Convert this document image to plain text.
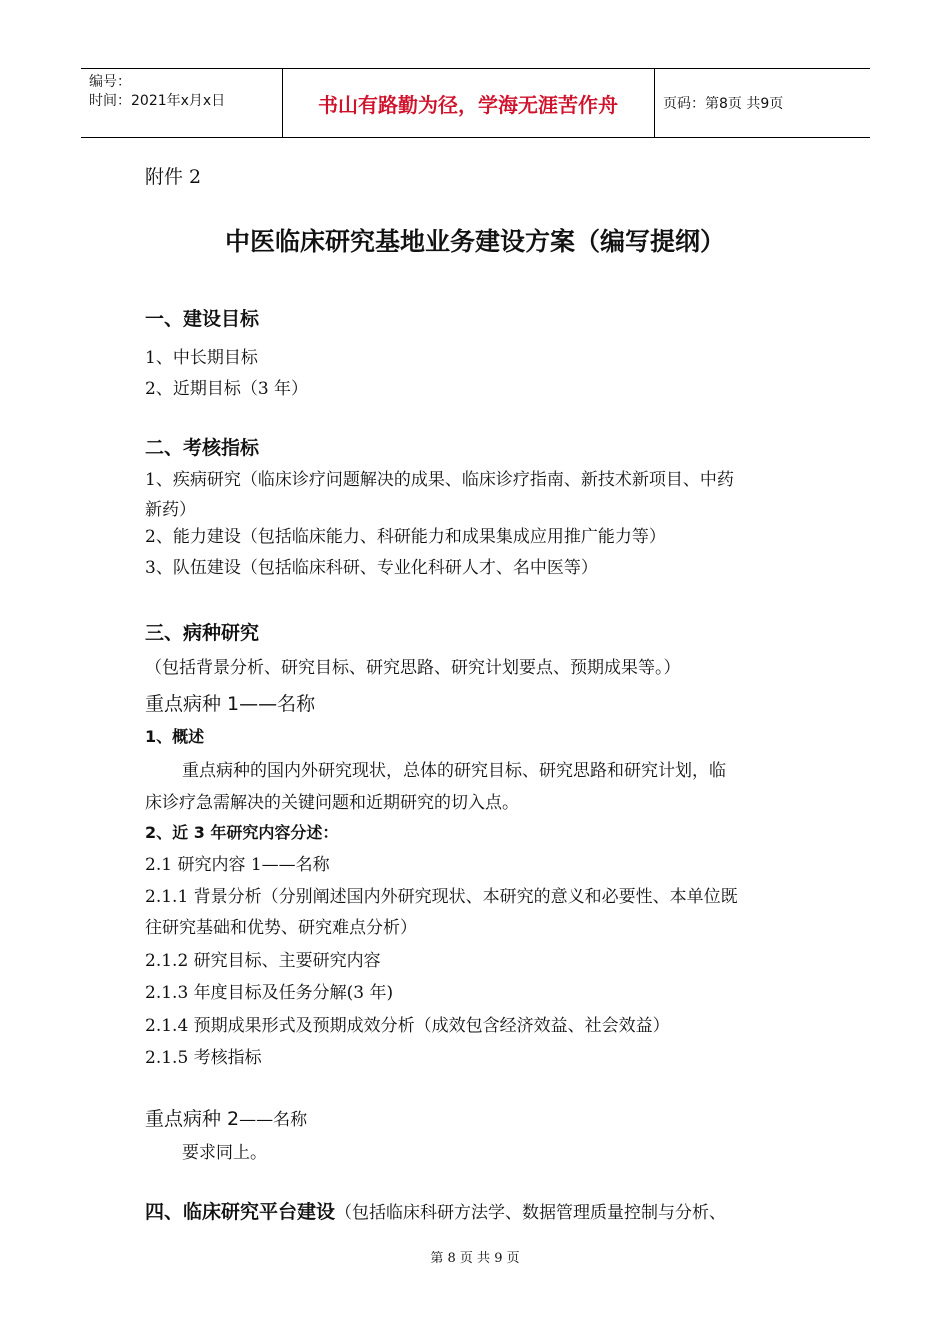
编号：
时间：2021年x月x日	书山有路勤为径，学海无涯苦作舟	页码：第8页 共9页
附件 2
中医临床研究基地业务建设方案（编写提纲）
一、建设目标
1、中长期目标
2、近期目标（3 年）
二、考核指标
1、疾病研究（临床诊疗问题解决的成果、临床诊疗指南、新技术新项目、中药
新药）
2、能力建设（包括临床能力、科研能力和成果集成应用推广能力等）
3、队伍建设（包括临床科研、专业化科研人才、名中医等）
三、病种研究
（包括背景分析、研究目标、研究思路、研究计划要点、预期成果等。）
重点病种 1——名称
1、概述
重点病种的国内外研究现状，总体的研究目标、研究思路和研究计划，临
床诊疗急需解决的关键问题和近期研究的切入点。
2、近 3 年研究内容分述：
2.1 研究内容 1——名称
2.1.1 背景分析（分别阐述国内外研究现状、本研究的意义和必要性、本单位既
往研究基础和优势、研究难点分析）
2.1.2 研究目标、主要研究内容
2.1.3 年度目标及任务分解(3 年)
2.1.4 预期成果形式及预期成效分析（成效包含经济效益、社会效益）
2.1.5 考核指标
重点病种 2——名称
要求同上。
四、临床研究平台建设（包括临床科研方法学、数据管理质量控制与分析、
第 8 页 共 9 页
